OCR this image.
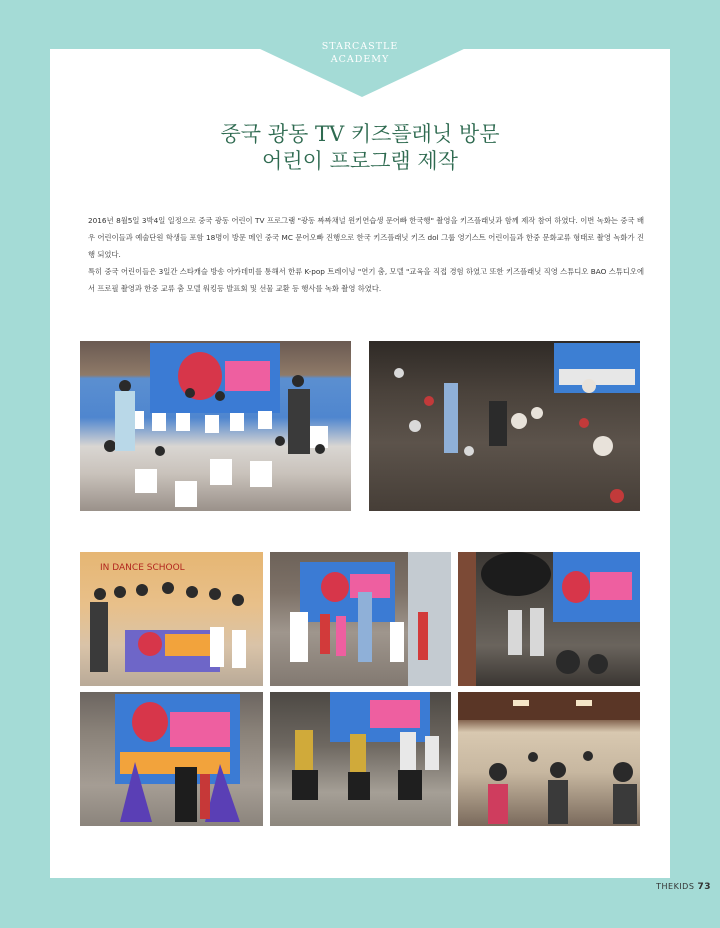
STARCASTLE
ACADEMY
중국 광동 TV 키즈플래닛 방문
어린이 프로그램 제작

2016년 8월5일 3박4일 일정으로 중국 광동 어린이 TV 프로그램 "광동 짜짜채널 윈키연습생 문어빠 한국행" 촬영을 키즈플래닛과 함께 제작 참여 하였다. 이번 녹화는 중국 배우 어린이들과 예술단원 학생들 포함 18명이 방문 메인 중국 MC 문어오빠 진행으로 한국 키즈플래닛 키즈 dol 그룹 영기스트 어린이들과 한중 문화교류 형태로 촬영 녹화가 진행 되었다.

특히 중국 어린이들은 3일간 스타캐슬 방송 아카데미를 통해서 한류 K-pop 트레이닝 "연기 춤, 모델 "교육을 직접 경험 하였고 또한 키즈플래닛 직영 스튜디오 BAO 스튜디오에서 프로필 촬영과 한중 교류 춤 모델 워킹등 발표회 및 선물 교환 등 행사를 녹화 촬영 하였다.

IN DANCE SCHOOL
THEKIDS 73
